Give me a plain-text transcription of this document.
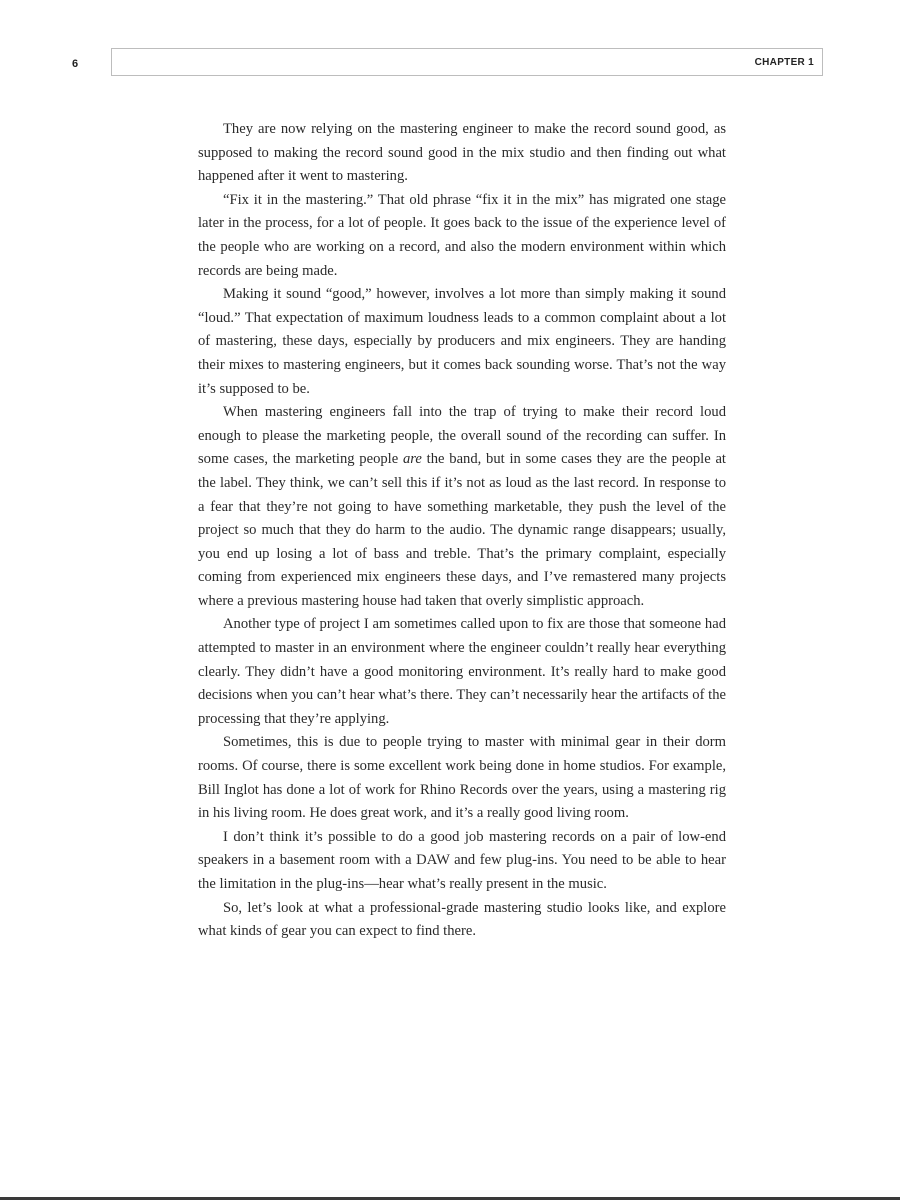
6	CHAPTER 1

They are now relying on the mastering engineer to make the record sound good, as supposed to making the record sound good in the mix studio and then finding out what happened after it went to mastering.

“Fix it in the mastering.” That old phrase “fix it in the mix” has migrated one stage later in the process, for a lot of people. It goes back to the issue of the experience level of the people who are working on a record, and also the modern environment within which records are being made.

Making it sound “good,” however, involves a lot more than simply making it sound “loud.” That expectation of maximum loudness leads to a common complaint about a lot of mastering, these days, especially by producers and mix engineers. They are handing their mixes to mastering engineers, but it comes back sounding worse. That’s not the way it’s supposed to be.

When mastering engineers fall into the trap of trying to make their record loud enough to please the marketing people, the overall sound of the recording can suffer. In some cases, the marketing people are the band, but in some cases they are the people at the label. They think, we can’t sell this if it’s not as loud as the last record. In response to a fear that they’re not going to have something marketable, they push the level of the project so much that they do harm to the audio. The dynamic range disappears; usually, you end up losing a lot of bass and treble. That’s the primary complaint, especially coming from experienced mix engineers these days, and I’ve remastered many projects where a previous mastering house had taken that overly simplistic approach.

Another type of project I am sometimes called upon to fix are those that someone had attempted to master in an environment where the engineer couldn’t really hear everything clearly. They didn’t have a good monitoring environment. It’s really hard to make good decisions when you can’t hear what’s there. They can’t necessarily hear the artifacts of the processing that they’re applying.

Sometimes, this is due to people trying to master with minimal gear in their dorm rooms. Of course, there is some excellent work being done in home studios. For example, Bill Inglot has done a lot of work for Rhino Records over the years, using a mastering rig in his living room. He does great work, and it’s a really good living room.

I don’t think it’s possible to do a good job mastering records on a pair of low-end speakers in a basement room with a DAW and few plug-ins. You need to be able to hear the limitation in the plug-ins—hear what’s really present in the music.

So, let’s look at what a professional-grade mastering studio looks like, and explore what kinds of gear you can expect to find there.
